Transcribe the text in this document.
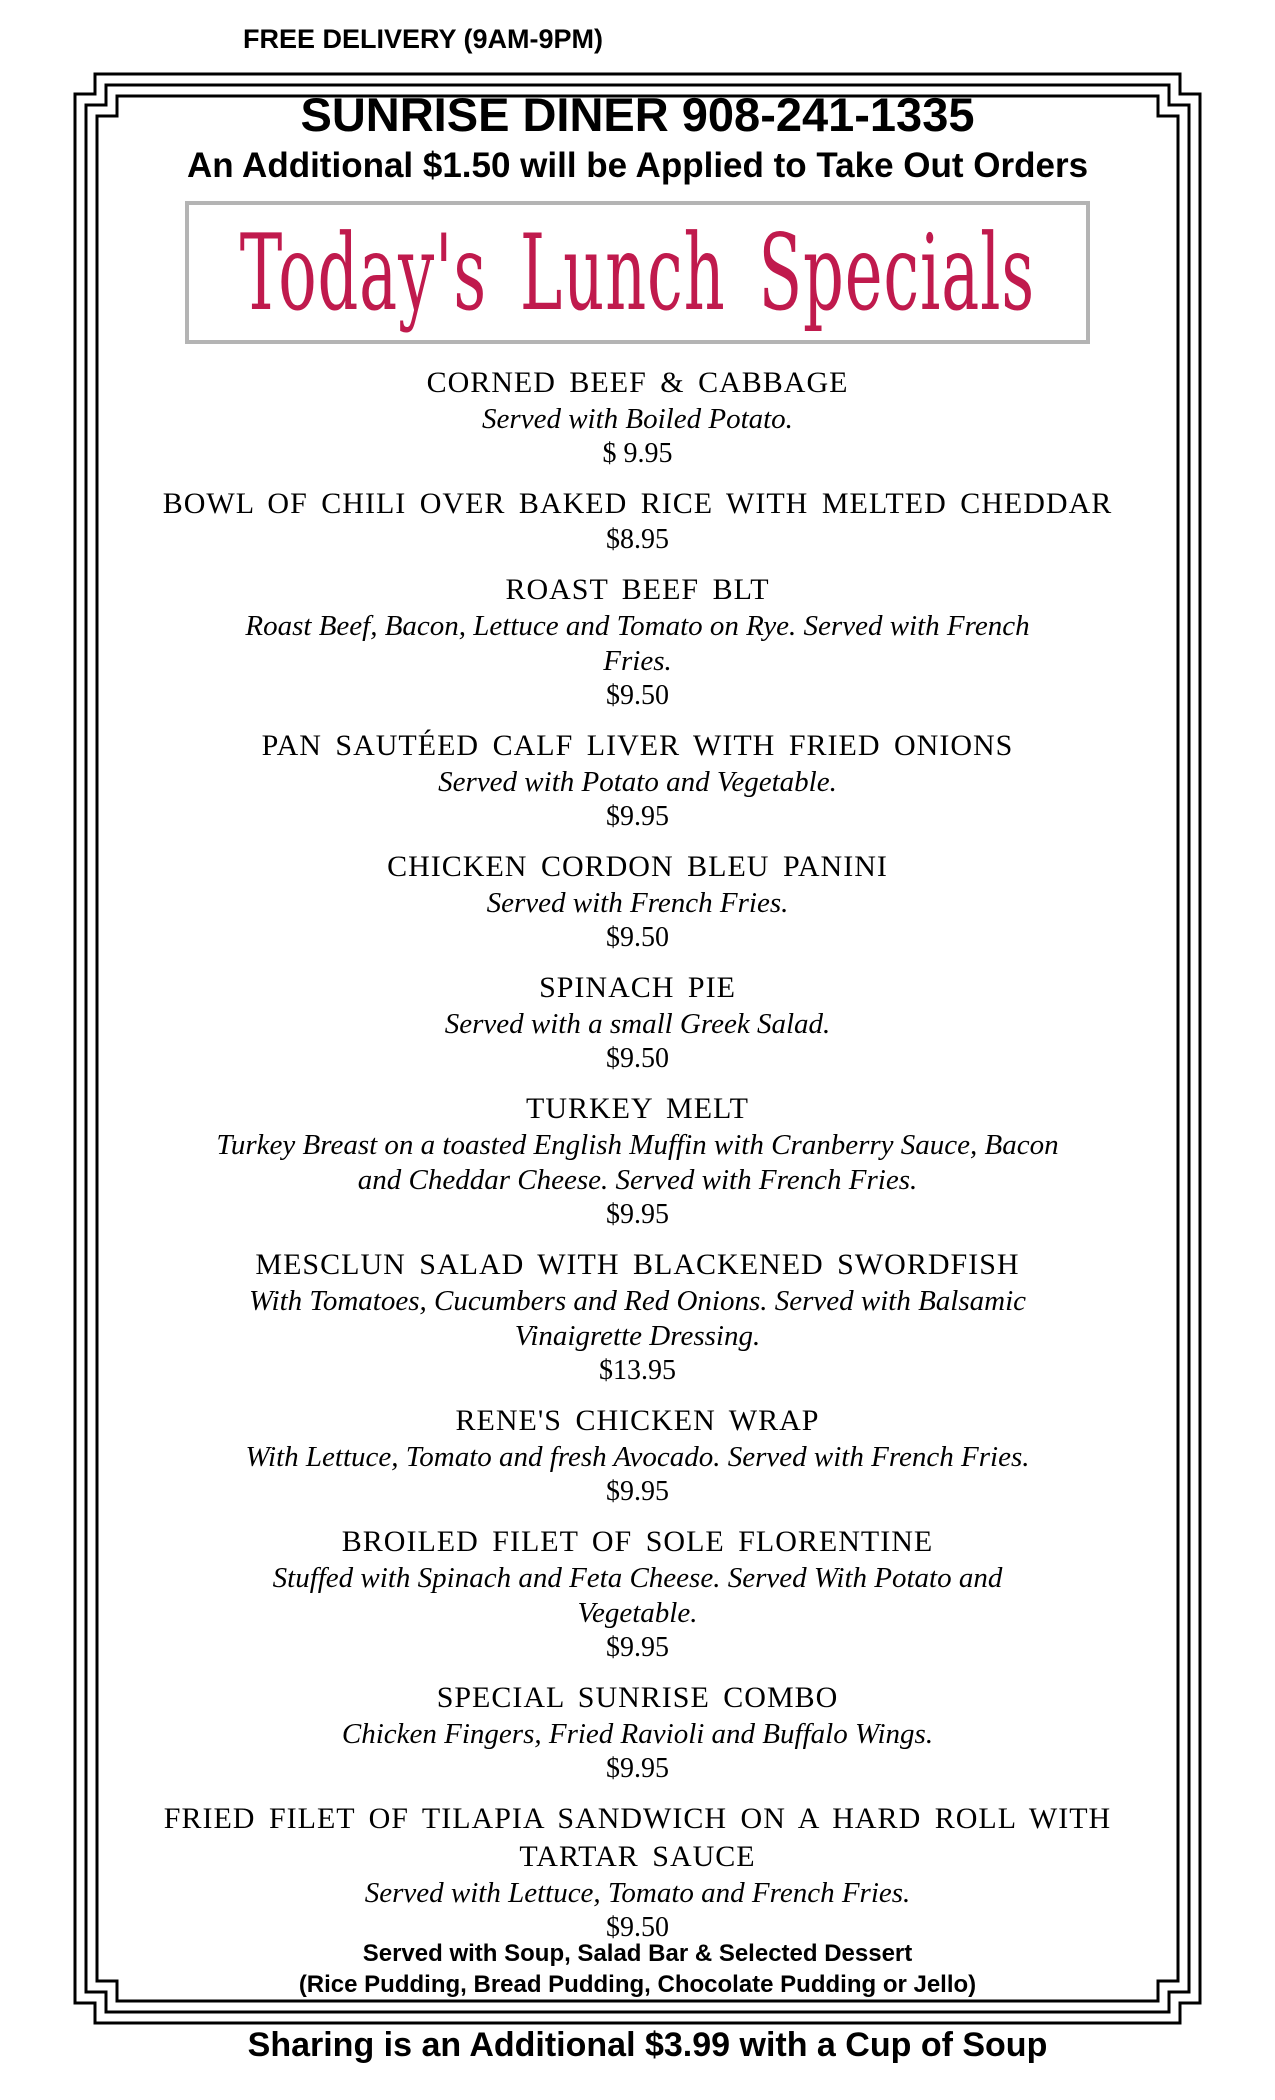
FREE DELIVERY (9AM-9PM)
SUNRISE DINER 908-241-1335
An Additional $1.50 will be Applied to Take Out Orders
Today's Lunch Specials
CORNED BEEF & CABBAGE
Served with Boiled Potato.
$ 9.95
BOWL OF CHILI OVER BAKED RICE WITH MELTED CHEDDAR
$8.95
ROAST BEEF BLT
Roast Beef, Bacon, Lettuce and Tomato on Rye. Served with French Fries.
$9.50
PAN SAUTÉED CALF LIVER WITH FRIED ONIONS
Served with Potato and Vegetable.
$9.95
CHICKEN CORDON BLEU PANINI
Served with French Fries.
$9.50
SPINACH PIE
Served with a small Greek Salad.
$9.50
TURKEY MELT
Turkey Breast on a toasted English Muffin with Cranberry Sauce, Bacon and Cheddar Cheese. Served with French Fries.
$9.95
MESCLUN SALAD WITH BLACKENED SWORDFISH
With Tomatoes, Cucumbers and Red Onions. Served with Balsamic Vinaigrette Dressing.
$13.95
RENE'S CHICKEN WRAP
With Lettuce, Tomato and fresh Avocado. Served with French Fries.
$9.95
BROILED FILET OF SOLE FLORENTINE
Stuffed with Spinach and Feta Cheese. Served With Potato and Vegetable.
$9.95
SPECIAL SUNRISE COMBO
Chicken Fingers, Fried Ravioli and Buffalo Wings.
$9.95
FRIED FILET OF TILAPIA SANDWICH ON A HARD ROLL WITH TARTAR SAUCE
Served with Lettuce, Tomato and French Fries.
$9.50
Served with Soup, Salad Bar & Selected Dessert
(Rice Pudding, Bread Pudding, Chocolate Pudding or Jello)
Sharing is an Additional $3.99 with a Cup of Soup
